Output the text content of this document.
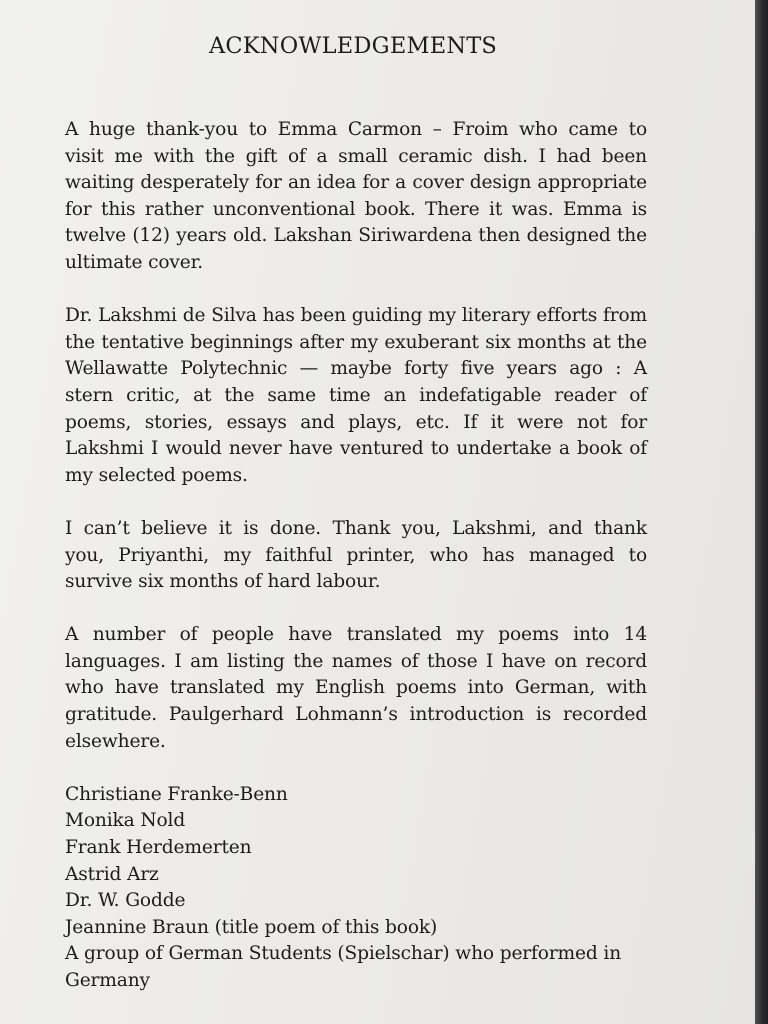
ACKNOWLEDGEMENTS

A huge thank-you to Emma Carmon – Froim who came to
visit me with the gift of a small ceramic dish. I had been
waiting desperately for an idea for a cover design appropriate
for this rather unconventional book. There it was. Emma is
twelve (12) years old. Lakshan Siriwardena then designed the
ultimate cover.

Dr. Lakshmi de Silva has been guiding my literary efforts from
the tentative beginnings after my exuberant six months at the
Wellawatte Polytechnic — maybe forty five years ago : A
stern critic, at the same time an indefatigable reader of
poems, stories, essays and plays, etc. If it were not for
Lakshmi I would never have ventured to undertake a book of
my selected poems.

I can’t believe it is done. Thank you, Lakshmi, and thank
you, Priyanthi, my faithful printer, who has managed to
survive six months of hard labour.

A number of people have translated my poems into 14
languages. I am listing the names of those I have on record
who have translated my English poems into German, with
gratitude. Paulgerhard Lohmann’s introduction is recorded
elsewhere.

Christiane Franke-Benn
Monika Nold
Frank Herdemerten
Astrid Arz
Dr. W. Godde
Jeannine Braun (title poem of this book)
A group of German Students (Spielschar) who performed in
Germany
